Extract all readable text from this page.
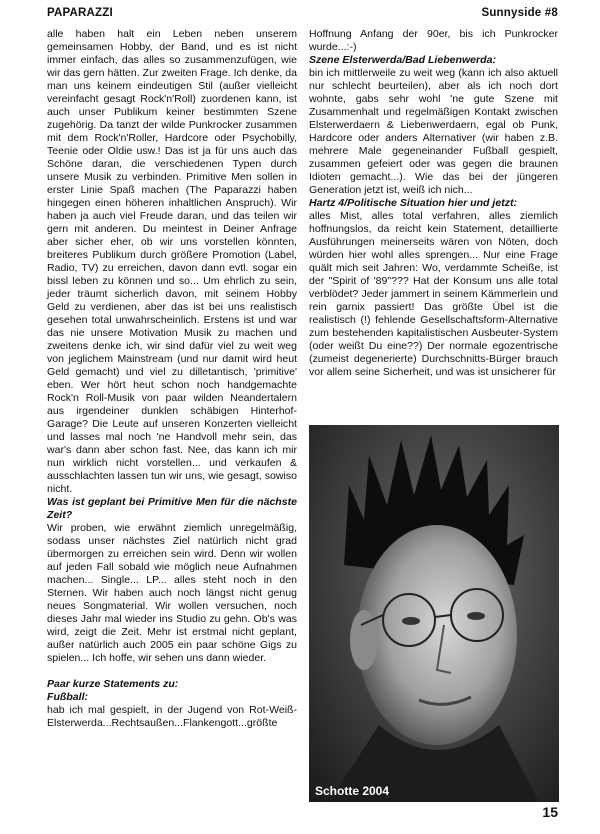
PAPARAZZI	Sunnyside #8

alle haben halt ein Leben neben unserem gemeinsamen Hobby, der Band, und es ist nicht immer einfach, das alles so zusammenzufügen, wie wir das gern hätten. Zur zweiten Frage. Ich denke, da man uns keinem eindeutigen Stil (außer vielleicht vereinfacht gesagt Rock'n'Roll) zuordenen kann, ist auch unser Publikum keiner bestimmten Szene zugehörig. Da tanzt der wilde Punkrocker zusammen mit dem Rock'n'Roller, Hardcore oder Psychobilly, Teenie oder Oldie usw.! Das ist ja für uns auch das Schöne daran, die verschiedenen Typen durch unsere Musik zu verbinden. Primitive Men sollen in erster Linie Spaß machen (The Paparazzi haben hingegen einen höheren inhaltlichen Anspruch). Wir haben ja auch viel Freude daran, und das teilen wir gern mit anderen. Du meintest in Deiner Anfrage aber sicher eher, ob wir uns vorstellen könnten, breiteres Publikum durch größere Promotion (Label, Radio, TV) zu erreichen, davon dann evtl. sogar ein bissl leben zu können und so... Um ehrlich zu sein, jeder träumt sicherlich davon, mit seinem Hobby Geld zu verdienen, aber das ist bei uns realistisch gesehen total unwahrscheinlich. Erstens ist und war das nie unsere Motivation Musik zu machen und zweitens denke ich, wir sind dafür viel zu weit weg von jeglichem Mainstream (und nur damit wird heut Geld gemacht) und viel zu dilletantisch, 'primitive' eben. Wer hört heut schon noch handgemachte Rock'n Roll-Musik von paar wilden Neandertalern aus irgendeiner dunklen schäbigen Hinterhof-Garage? Die Leute auf unseren Konzerten vielleicht und lasses mal noch 'ne Handvoll mehr sein, das war's dann aber schon fast. Nee, das kann ich mir nun wirklich nicht vorstellen... und verkaufen & ausschlachten lassen tun wir uns, wie gesagt, sowiso nicht.

Was ist geplant bei Primitive Men für die nächste Zeit?

Wir proben, wie erwähnt ziemlich unregelmäßig, sodass unser nächstes Ziel natürlich nicht grad übermorgen zu erreichen sein wird. Denn wir wollen auf jeden Fall sobald wie möglich neue Aufnahmen machen... Single... LP... alles steht noch in den Sternen. Wir haben auch noch längst nicht genug neues Songmaterial. Wir wollen versuchen, noch dieses Jahr mal wieder ins Studio zu gehn. Ob's was wird, zeigt die Zeit. Mehr ist erstmal nicht geplant, außer natürlich auch 2005 ein paar schöne Gigs zu spielen... Ich hoffe, wir sehen uns dann wieder.

Paar kurze Statements zu:

Fußball:

hab ich mal gespielt, in der Jugend von Rot-Weiß-Elsterwerda...Rechtsaußen...Flankengott...größte

Hoffnung Anfang der 90er, bis ich Punkrocker wurde...:-)

Szene Elsterwerda/Bad Liebenwerda:

bin ich mittlerweile zu weit weg (kann ich also aktuell nur schlecht beurteilen), aber als ich noch dort wohnte, gabs sehr wohl 'ne gute Szene mit Zusammenhalt und regelmäßigen Kontakt zwischen Elsterwerdaern & Liebenwerdaern, egal ob Punk, Hardcore oder anders Alternativer (wir haben z.B. mehrere Male gegeneinander Fußball gespielt, zusammen gefeiert oder was gegen die braunen Idioten gemacht...). Wie das bei der jüngeren Generation jetzt ist, weiß ich nich...

Hartz 4/Politische Situation hier und jetzt:

alles Mist, alles total verfahren, alles ziemlich hoffnungslos, da reicht kein Statement, detaillierte Ausführungen meinerseits wären von Nöten, doch würden hier wohl alles sprengen... Nur eine Frage quält mich seit Jahren: Wo, verdammte Scheiße, ist der "Spirit of '89"??? Hat der Konsum uns alle total verblödet? Jeder jammert in seinem Kämmerlein und rein garnix passiert! Das größte Übel ist die realistisch (!) fehlende Gesellschaftsform-Alternative zum bestehenden kapitalistischen Ausbeuter-System (oder weißt Du eine??) Der normale egozentrische (zumeist degenerierte) Durchschnitts-Bürger brauch vor allem seine Sicherheit, und was ist unsicherer für

Schotte 2004
15
